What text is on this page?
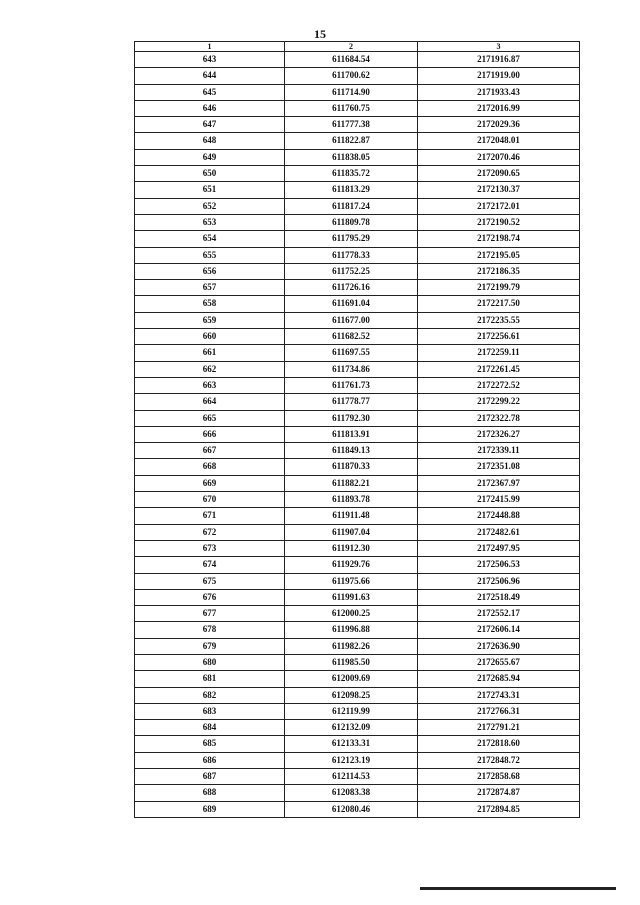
15
1	2	3
643	611684.54	2171916.87
644	611700.62	2171919.00
645	611714.90	2171933.43
646	611760.75	2172016.99
647	611777.38	2172029.36
648	611822.87	2172048.01
649	611838.05	2172070.46
650	611835.72	2172090.65
651	611813.29	2172130.37
652	611817.24	2172172.01
653	611809.78	2172190.52
654	611795.29	2172198.74
655	611778.33	2172195.05
656	611752.25	2172186.35
657	611726.16	2172199.79
658	611691.04	2172217.50
659	611677.00	2172235.55
660	611682.52	2172256.61
661	611697.55	2172259.11
662	611734.86	2172261.45
663	611761.73	2172272.52
664	611778.77	2172299.22
665	611792.30	2172322.78
666	611813.91	2172326.27
667	611849.13	2172339.11
668	611870.33	2172351.08
669	611882.21	2172367.97
670	611893.78	2172415.99
671	611911.48	2172448.88
672	611907.04	2172482.61
673	611912.30	2172497.95
674	611929.76	2172506.53
675	611975.66	2172506.96
676	611991.63	2172518.49
677	612000.25	2172552.17
678	611996.88	2172606.14
679	611982.26	2172636.90
680	611985.50	2172655.67
681	612009.69	2172685.94
682	612098.25	2172743.31
683	612119.99	2172766.31
684	612132.09	2172791.21
685	612133.31	2172818.60
686	612123.19	2172848.72
687	612114.53	2172858.68
688	612083.38	2172874.87
689	612080.46	2172894.85
